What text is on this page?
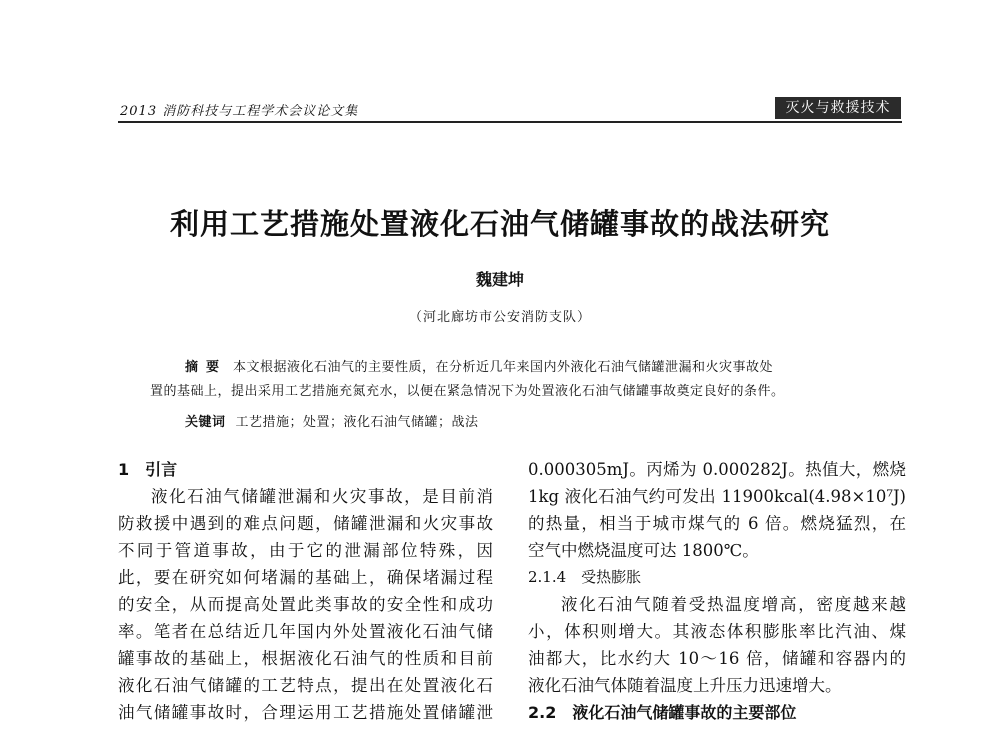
2013 消防科技与工程学术会议论文集	灭火与救援技术
利用工艺措施处置液化石油气储罐事故的战法研究
魏建坤
（河北廊坊市公安消防支队）
摘要 本文根据液化石油气的主要性质，在分析近几年来国内外液化石油气储罐泄漏和火灾事故处
置的基础上，提出采用工艺措施充氮充水，以便在紧急情况下为处置液化石油气储罐事故奠定良好的条件。
关键词 工艺措施；处置；液化石油气储罐；战法
1　引言
液化石油气储罐泄漏和火灾事故，是目前消
防救援中遇到的难点问题，储罐泄漏和火灾事故
不同于管道事故，由于它的泄漏部位特殊，因
此，要在研究如何堵漏的基础上，确保堵漏过程
的安全，从而提高处置此类事故的安全性和成功
率。笔者在总结近几年国内外处置液化石油气储
罐事故的基础上，根据液化石油气的性质和目前
液化石油气储罐的工艺特点，提出在处置液化石
油气储罐事故时，合理运用工艺措施处置储罐泄
0.000305mJ。丙烯为 0.000282J。热值大，燃烧
1kg 液化石油气约可发出 11900kcal(4.98×10⁷J)
的热量，相当于城市煤气的 6 倍。燃烧猛烈，在
空气中燃烧温度可达 1800℃。
2.1.4　受热膨胀
液化石油气随着受热温度增高，密度越来越
小，体积则增大。其液态体积膨胀率比汽油、煤
油都大，比水约大 10～16 倍，储罐和容器内的
液化石油气体随着温度上升压力迅速增大。
2.2　液化石油气储罐事故的主要部位
